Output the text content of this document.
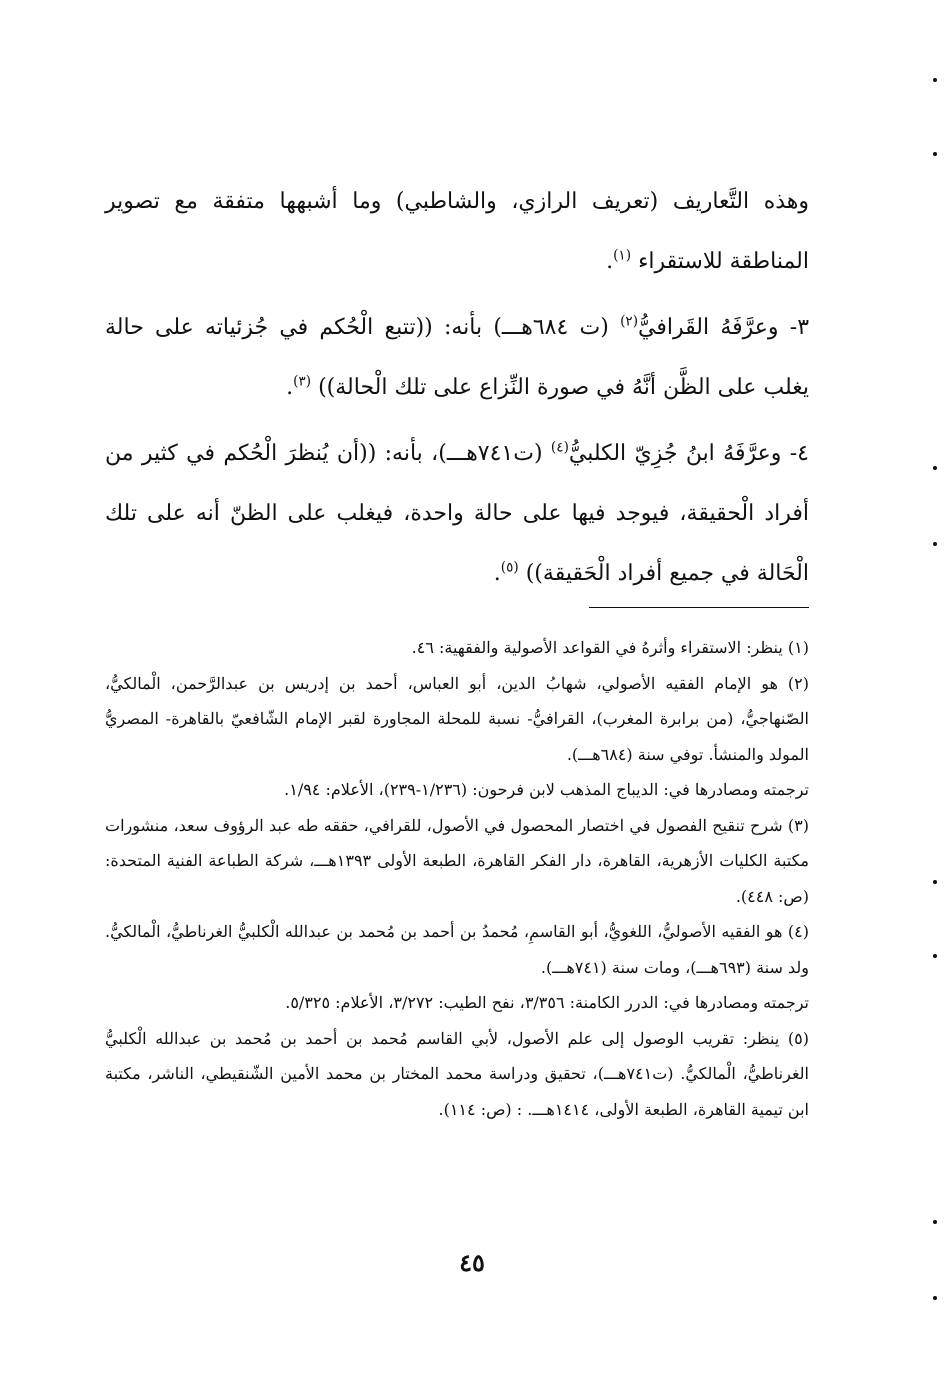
وهذه التَّعاريف (تعريف الرازي، والشاطبي) وما أشبهها متفقة مع تصوير المناطقة للاستقراء $^{(١)}$.

٣- وعرَّفَهُ القَرافيُّ$^{(٢)}$ (ت ٦٨٤هـــ) بأنه: ((تتبع الْحُكم في جُزئياته على حالة يغلب على الظَّن أنَّهُ في صورة النِّزاع على تلك الْحالة)) $^{(٣)}$.

٤- وعرَّفَهُ ابنُ جُزِيّ الكلبيُّ$^{(٤)}$ (ت٧٤١هـــ)، بأنه: ((أن يُنظرَ الْحُكم في كثير من أفراد الْحقيقة، فيوجد فيها على حالة واحدة، فيغلب على الظنّ أنه على تلك الْحَالة في جميع أفراد الْحَقيقة)) $^{(٥)}$.

(١) ينظر: الاستقراء وأثرهُ في القواعد الأصولية والفقهية: ٤٦.

(٢) هو الإمام الفقيه الأصولي، شهابُ الدين، أبو العباس، أحمد بن إدريس بن عبدالرَّحمن، الْمالكيُّ، الصّنهاجيُّ، (من برابرة المغرب)، القرافيُّ- نسبة للمحلة المجاورة لقبر الإمام الشّافعيّ بالقاهرة- المصريُّ المولد والمنشأ. توفي سنة (٦٨٤هـــ).

ترجمته ومصادرها في: الديباج المذهب لابن فرحون: (١/٢٣٦-٢٣٩)، الأعلام: ١/٩٤.

(٣) شرح تنقيح الفصول في اختصار المحصول في الأصول، للقرافي، حققه طه عبد الرؤوف سعد، منشورات مكتبة الكليات الأزهرية، القاهرة، دار الفكر القاهرة، الطبعة الأولى ١٣٩٣هـــ، شركة الطباعة الفنية المتحدة: (ص: ٤٤٨).

(٤) هو الفقيه الأصوليُّ، اللغويُّ، أبو القاسمِ، مُحمدُ بن أحمد بن مُحمد بن عبدالله الْكلبيُّ الغرناطيُّ، الْمالكيُّ. ولد سنة (٦٩٣هـــ)، ومات سنة (٧٤١هـــ).

ترجمته ومصادرها في: الدرر الكامنة: ٣/٣٥٦، نفح الطيب: ٣/٢٧٢، الأعلام: ٥/٣٢٥.

(٥) ينظر: تقريب الوصول إلى علم الأصول، لأبي القاسم مُحمد بن أحمد بن مُحمد بن عبدالله الْكلبيُّ الغرناطيُّ، الْمالكيُّ. (ت٧٤١هـــ)، تحقيق ودراسة محمد المختار بن محمد الأمين الشّنقيطي، الناشر، مكتبة ابن تيمية القاهرة، الطبعة الأولى، ١٤١٤هـــ. : (ص: ١١٤).

٤٥
